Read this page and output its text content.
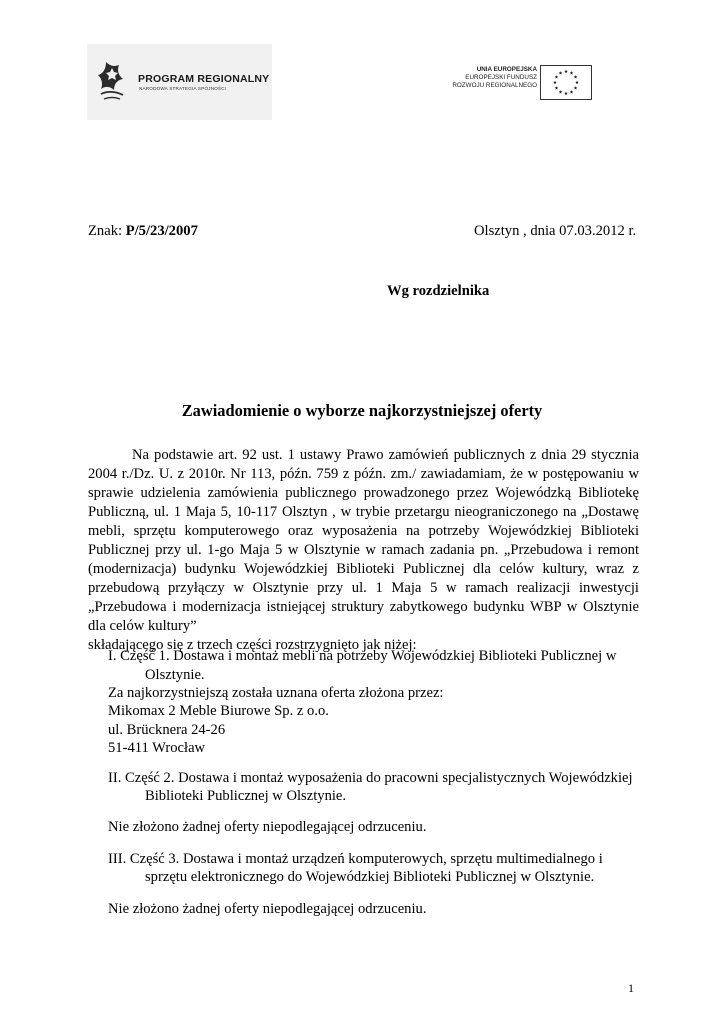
PROGRAM REGIONALNY
NARODOWA STRATEGIA SPÓJNOŚCI
UNIA EUROPEJSKA
EUROPEJSKI FUNDUSZ
ROZWOJU REGIONALNEGO
Znak: P/5/23/2007	Olsztyn , dnia 07.03.2012 r.
Wg rozdzielnika
Zawiadomienie o wyborze najkorzystniejszej oferty
Na podstawie art. 92 ust. 1 ustawy Prawo zamówień publicznych z dnia 29 stycznia
2004 r./Dz. U. z 2010r. Nr 113, późn. 759 z późn. zm./ zawiadamiam, że w postępowaniu w
sprawie udzielenia zamówienia publicznego prowadzonego przez Wojewódzką Bibliotekę
Publiczną, ul. 1 Maja 5, 10-117 Olsztyn , w trybie przetargu nieograniczonego na „Dostawę
mebli, sprzętu komputerowego oraz wyposażenia na potrzeby Wojewódzkiej Biblioteki
Publicznej przy ul. 1-go Maja 5 w Olsztynie w ramach zadania pn. „Przebudowa i remont
(modernizacja) budynku Wojewódzkiej Biblioteki Publicznej dla celów kultury, wraz z
przebudową przyłączy w Olsztynie przy ul. 1 Maja 5 w ramach realizacji inwestycji
„Przebudowa i modernizacja istniejącej struktury zabytkowego budynku WBP w Olsztynie
dla celów kultury”
składającego się z trzech części rozstrzygnięto jak niżej:
I. Część 1. Dostawa i montaż mebli na potrzeby Wojewódzkiej Biblioteki Publicznej w
Olsztynie.
Za najkorzystniejszą została uznana oferta złożona przez:
Mikomax 2 Meble Biurowe Sp. z o.o.
ul. Brücknera 24-26
51-411 Wrocław
II. Część 2. Dostawa i montaż wyposażenia do pracowni specjalistycznych Wojewódzkiej
Biblioteki Publicznej w Olsztynie.
Nie złożono żadnej oferty niepodlegającej odrzuceniu.
III. Część 3. Dostawa i montaż urządzeń komputerowych, sprzętu multimedialnego i
sprzętu elektronicznego do Wojewódzkiej Biblioteki Publicznej w Olsztynie.
Nie złożono żadnej oferty niepodlegającej odrzuceniu.
1
